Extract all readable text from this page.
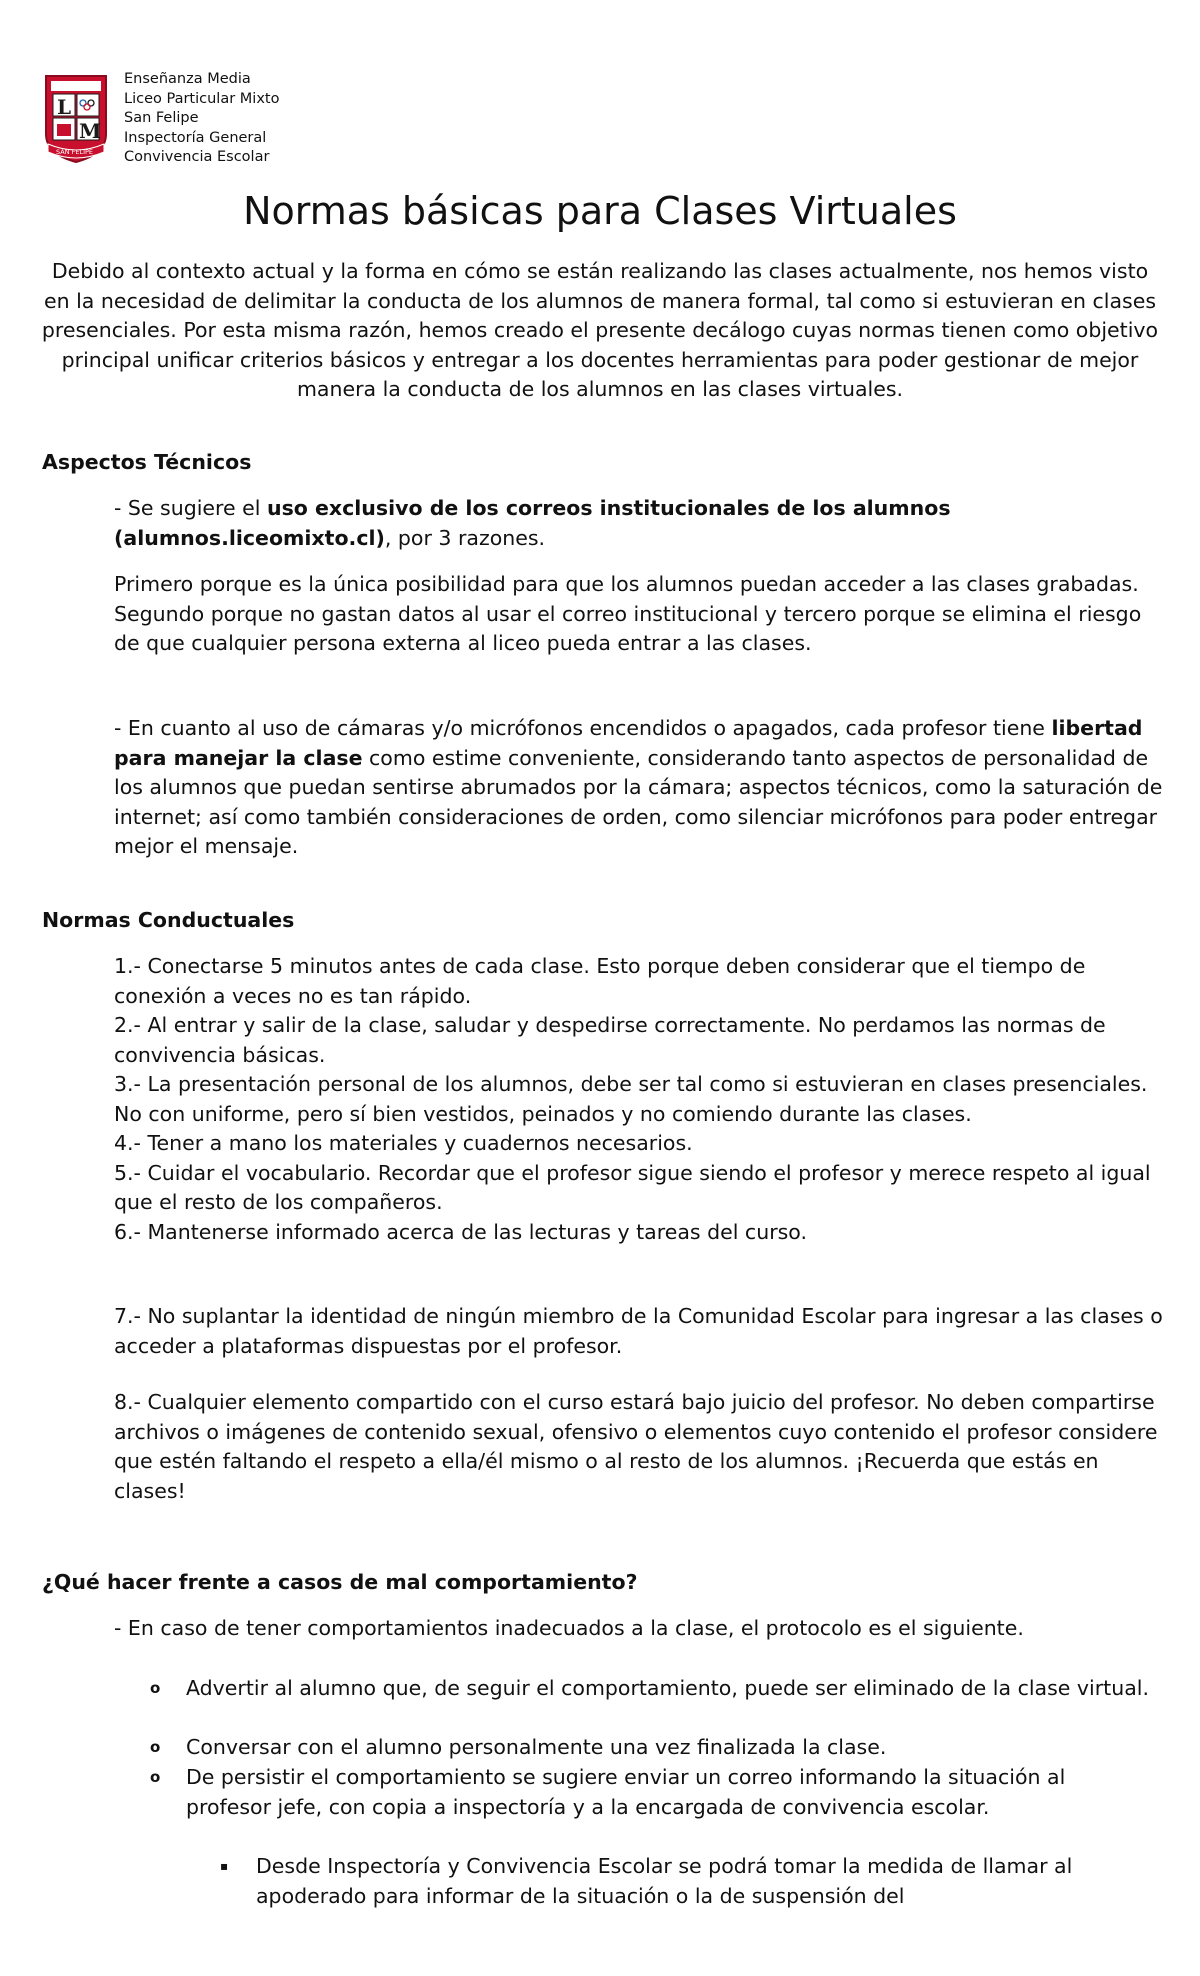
L
M
SAN FELIPE
Enseñanza Media
Liceo Particular Mixto
San Felipe
Inspectoría General
Convivencia Escolar
Normas básicas para Clases Virtuales

Debido al contexto actual y la forma en cómo se están realizando las clases actualmente, nos hemos visto en la necesidad de delimitar la conducta de los alumnos de manera formal, tal como si estuvieran en clases presenciales. Por esta misma razón, hemos creado el presente decálogo cuyas normas tienen como objetivo principal unificar criterios básicos y entregar a los docentes herramientas para poder gestionar de mejor manera la conducta de los alumnos en las clases virtuales.

Aspectos Técnicos

- Se sugiere el uso exclusivo de los correos institucionales de los alumnos (alumnos.liceomixto.cl), por 3 razones.

Primero porque es la única posibilidad para que los alumnos puedan acceder a las clases grabadas. Segundo porque no gastan datos al usar el correo institucional y tercero porque se elimina el riesgo de que cualquier persona externa al liceo pueda entrar a las clases.

- En cuanto al uso de cámaras y/o micrófonos encendidos o apagados, cada profesor tiene libertad para manejar la clase como estime conveniente, considerando tanto aspectos de personalidad de los alumnos que puedan sentirse abrumados por la cámara; aspectos técnicos, como la saturación de internet; así como también consideraciones de orden, como silenciar micrófonos para poder entregar mejor el mensaje.

Normas Conductuales
1.- Conectarse 5 minutos antes de cada clase. Esto porque deben considerar que el tiempo de conexión a veces no es tan rápido.
2.- Al entrar y salir de la clase, saludar y despedirse correctamente. No perdamos las normas de convivencia básicas.
3.- La presentación personal de los alumnos, debe ser tal como si estuvieran en clases presenciales. No con uniforme, pero sí bien vestidos, peinados y no comiendo durante las clases.
4.- Tener a mano los materiales y cuadernos necesarios.
5.- Cuidar el vocabulario. Recordar que el profesor sigue siendo el profesor y merece respeto al igual que el resto de los compañeros.
6.- Mantenerse informado acerca de las lecturas y tareas del curso.

7.- No suplantar la identidad de ningún miembro de la Comunidad Escolar para ingresar a las clases o acceder a plataformas dispuestas por el profesor.

8.- Cualquier elemento compartido con el curso estará bajo juicio del profesor. No deben compartirse archivos o imágenes de contenido sexual, ofensivo o elementos cuyo contenido el profesor considere que estén faltando el respeto a ella/él mismo o al resto de los alumnos. ¡Recuerda que estás en clases!

¿Qué hacer frente a casos de mal comportamiento?

- En caso de tener comportamientos inadecuados a la clase, el protocolo es el siguiente.

o	Advertir al alumno que, de seguir el comportamiento, puede ser eliminado de la clase virtual.
o	Conversar con el alumno personalmente una vez finalizada la clase.
o	De persistir el comportamiento se sugiere enviar un correo informando la situación al profesor jefe, con copia a inspectoría y a la encargada de convivencia escolar.
▪ Desde Inspectoría y Convivencia Escolar se podrá tomar la medida de llamar al apoderado para informar de la situación o la de suspensión del
